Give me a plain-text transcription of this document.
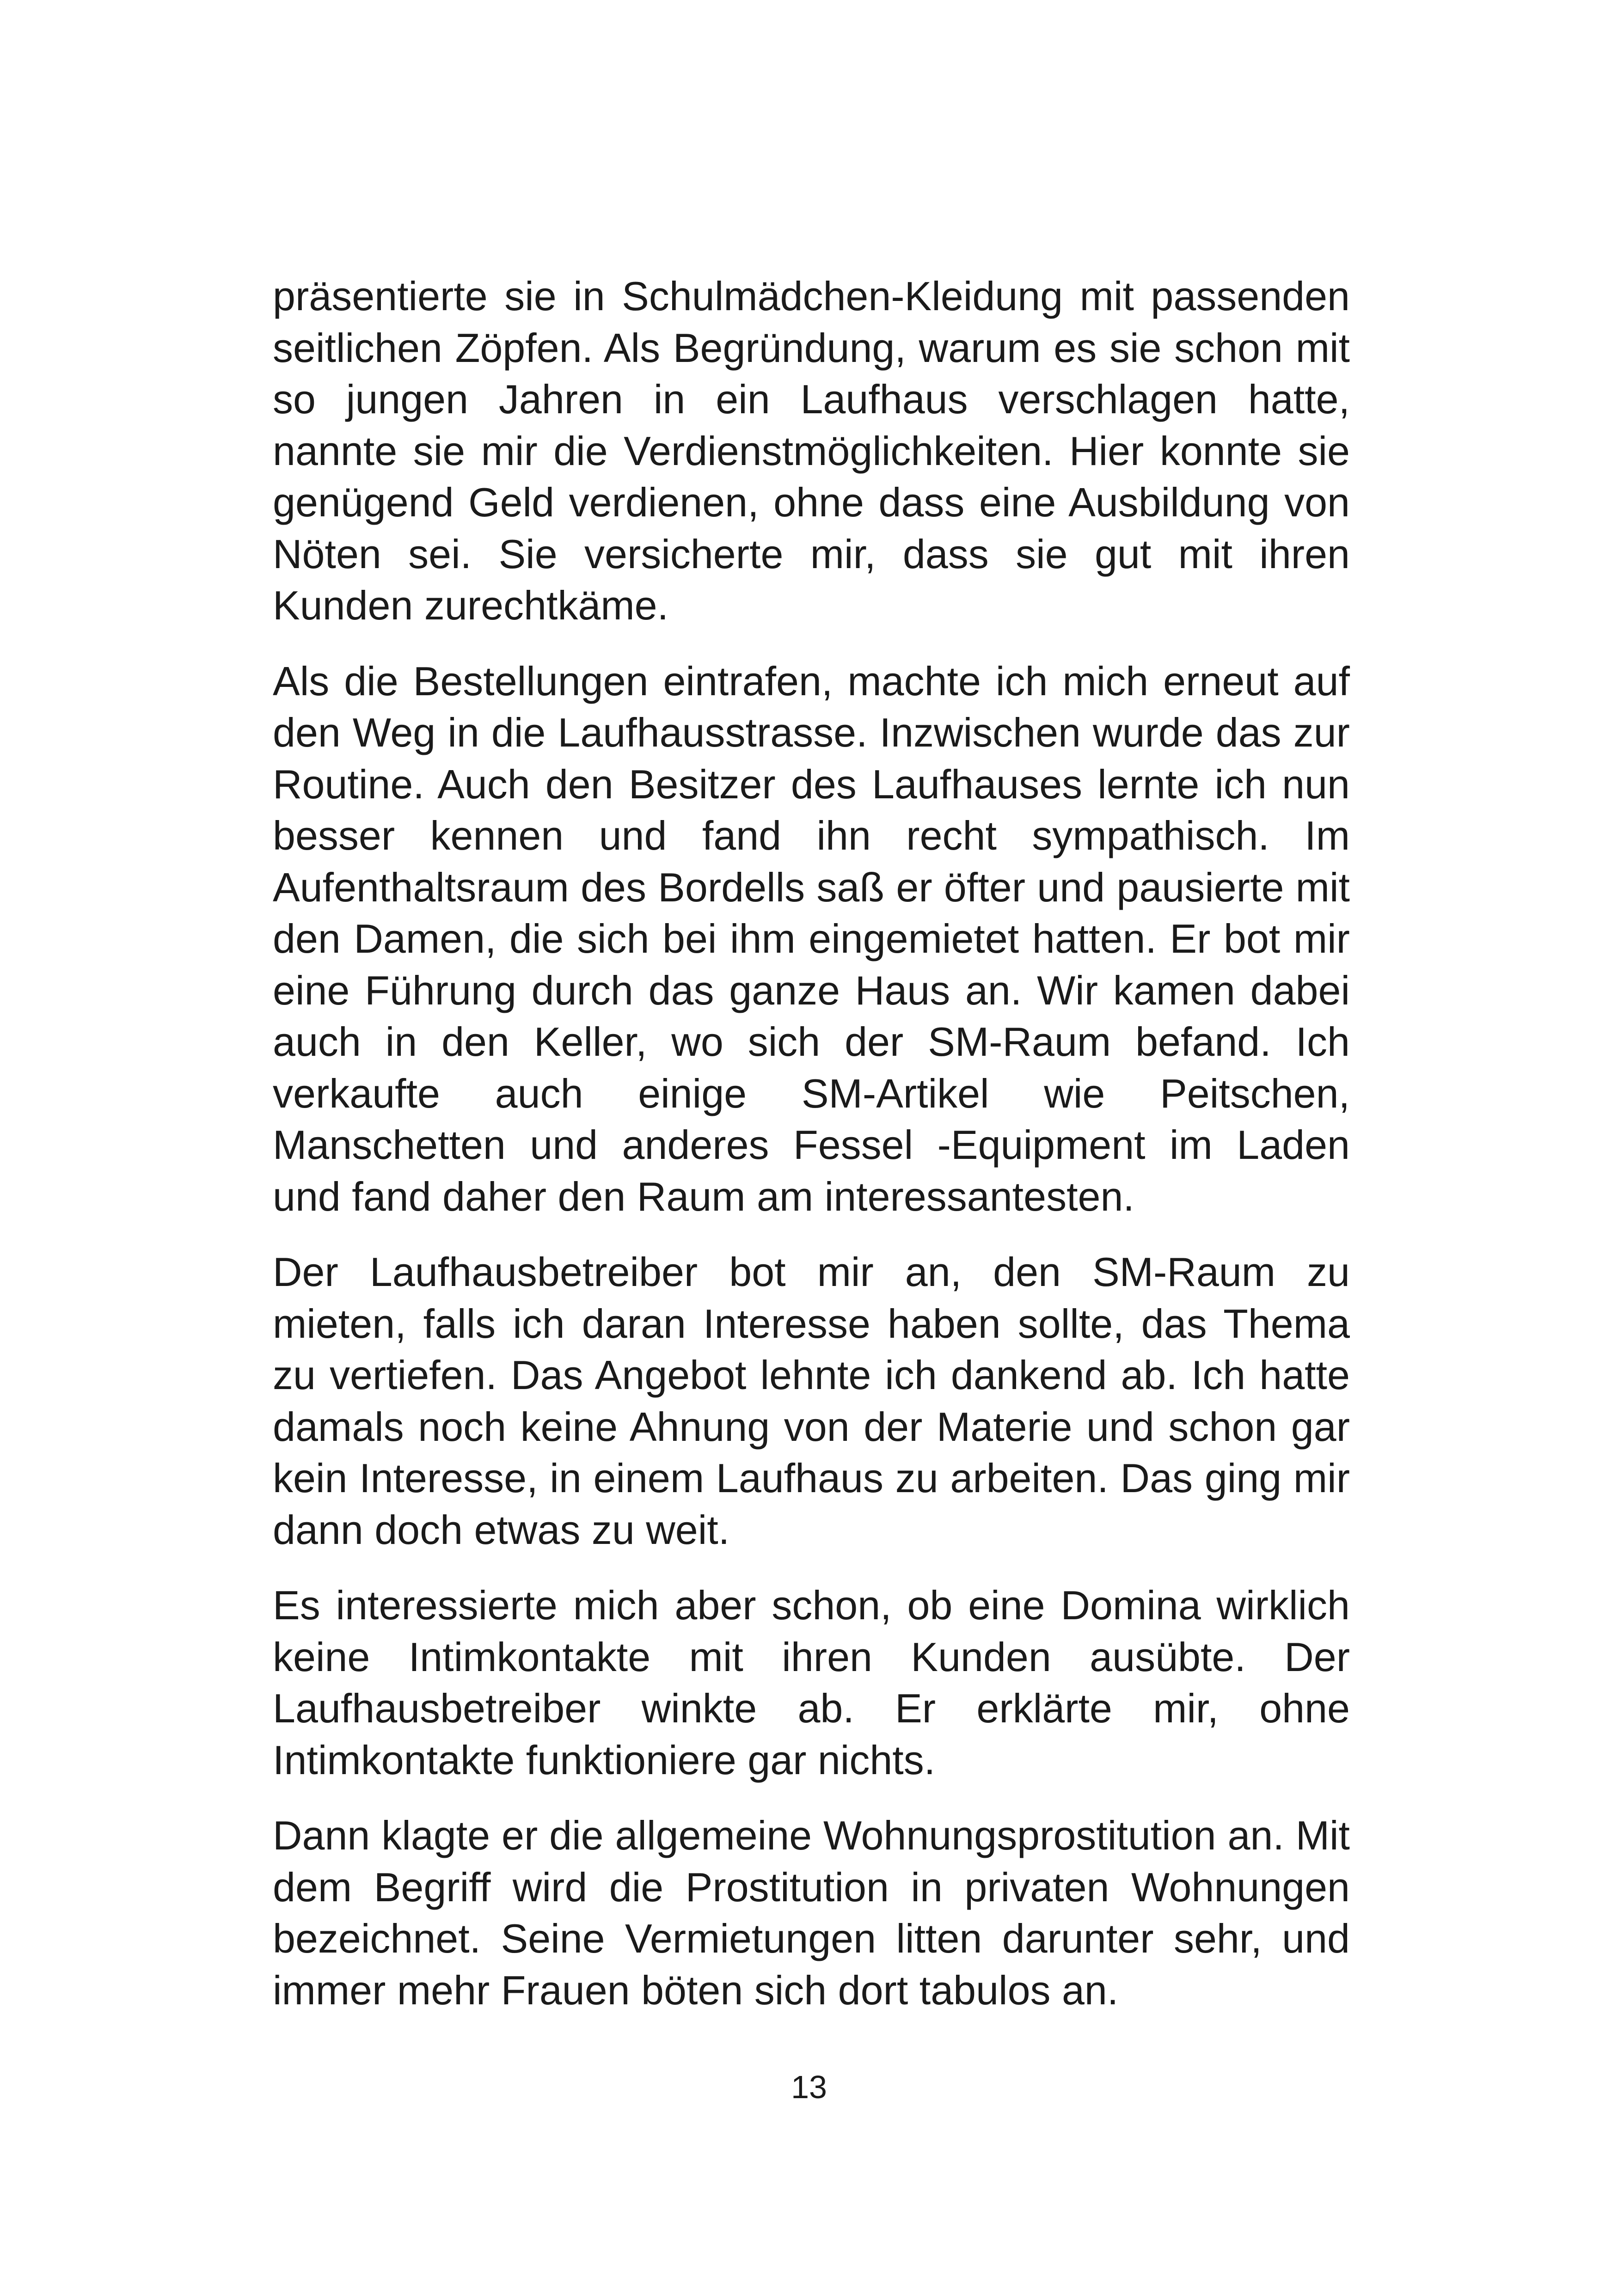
präsentierte sie in Schulmädchen-Kleidung mit passenden seitlichen Zöpfen. Als Begründung, warum es sie schon mit so jungen Jahren in ein Laufhaus verschlagen hatte, nannte sie mir die Verdienstmöglichkeiten. Hier konnte sie genügend Geld verdienen, ohne dass eine Ausbildung von Nöten sei. Sie versicherte mir, dass sie gut mit ihren Kunden zurechtkäme.

Als die Bestellungen eintrafen, machte ich mich erneut auf den Weg in die Laufhausstrasse. Inzwischen wurde das zur Routine. Auch den Besitzer des Laufhauses lernte ich nun besser kennen und fand ihn recht sympathisch. Im Aufenthaltsraum des Bordells saß er öfter und pausierte mit den Damen, die sich bei ihm eingemietet hatten. Er bot mir eine Führung durch das ganze Haus an. Wir kamen dabei auch in den Keller, wo sich der SM-Raum befand. Ich verkaufte auch einige SM-Artikel wie Peitschen, Manschetten und anderes Fessel -Equipment im Laden und fand daher den Raum am interessantesten.

Der Laufhausbetreiber bot mir an, den SM-Raum zu mieten, falls ich daran Interesse haben sollte, das Thema zu vertiefen. Das Angebot lehnte ich dankend ab. Ich hatte damals noch keine Ahnung von der Materie und schon gar kein Interesse, in einem Laufhaus zu arbeiten. Das ging mir dann doch etwas zu weit.

Es interessierte mich aber schon, ob eine Domina wirklich keine Intimkontakte mit ihren Kunden ausübte. Der Laufhausbetreiber winkte ab. Er erklärte mir, ohne Intimkontakte funktioniere gar nichts.

Dann klagte er die allgemeine Wohnungsprostitution an. Mit dem Begriff wird die Prostitution in privaten Wohnungen bezeichnet. Seine Vermietungen litten darunter sehr, und immer mehr Frauen böten sich dort tabulos an.

13
